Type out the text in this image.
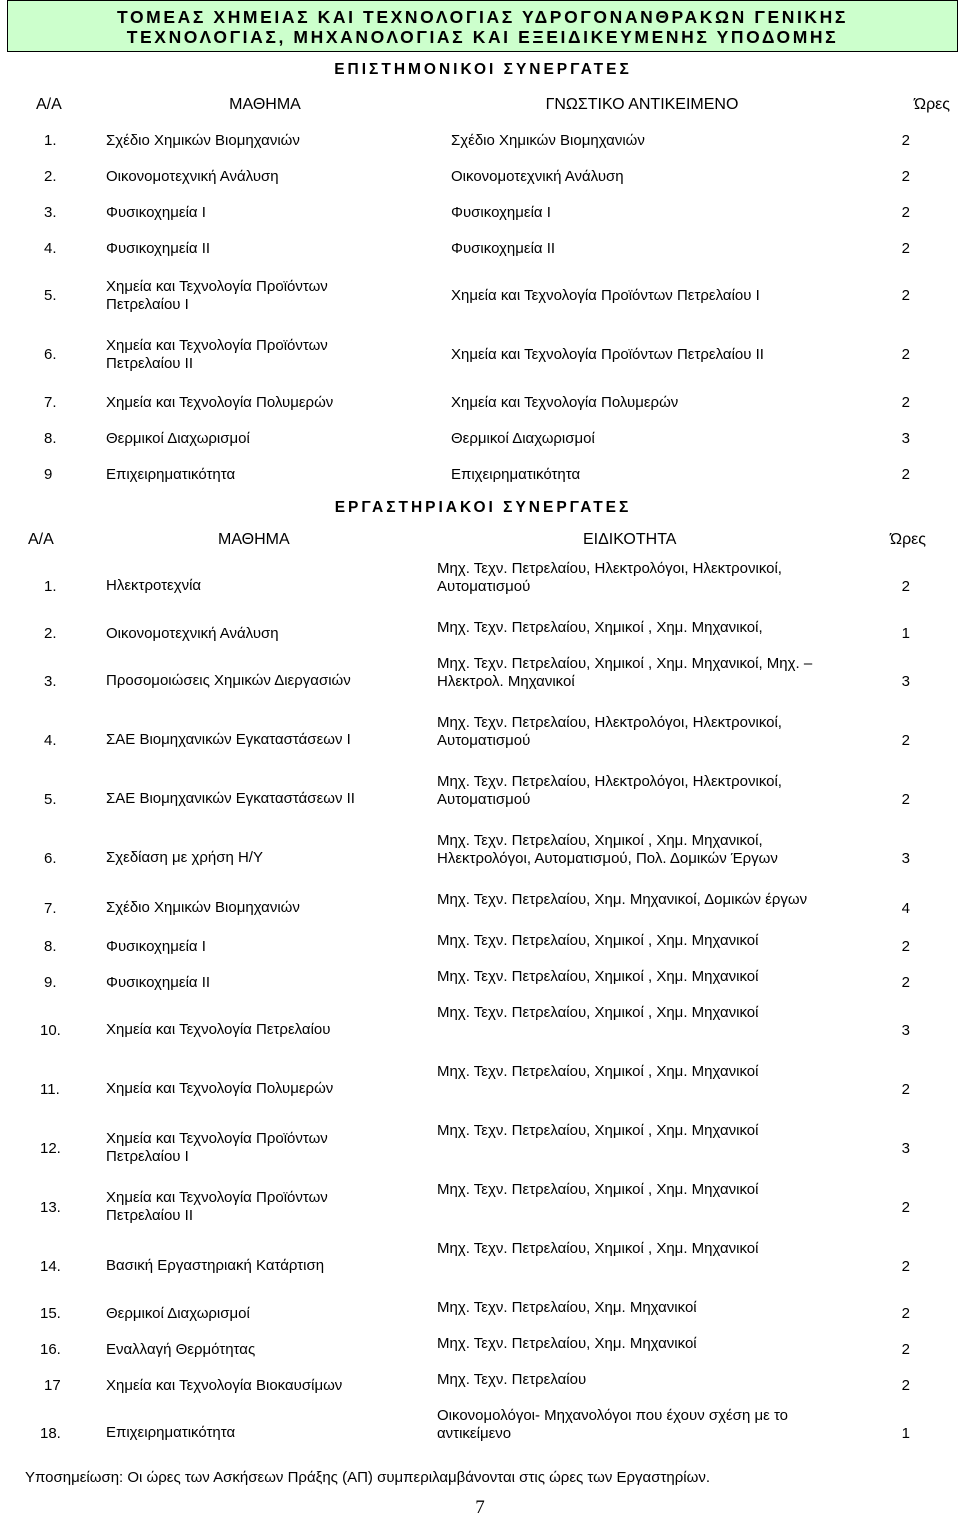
ΤΟΜΕΑΣ ΧΗΜΕΙΑΣ ΚΑΙ ΤΕΧΝΟΛΟΓΙΑΣ ΥΔΡΟΓΟΝΑΝΘΡΑΚΩΝ ΓΕΝΙΚΗΣ
ΤΕΧΝΟΛΟΓΙΑΣ, ΜΗΧΑΝΟΛΟΓΙΑΣ ΚΑΙ ΕΞΕΙΔΙΚΕΥΜΕΝΗΣ ΥΠΟΔΟΜΗΣ
ΕΠΙΣΤΗΜΟΝΙΚΟΙ ΣΥΝΕΡΓΑΤΕΣ			
Α/Α	ΜΑΘΗΜΑ	ΓΝΩΣΤΙΚΟ ΑΝΤΙΚΕΙΜΕΝΟ	Ώρες
1.	Σχέδιο Χημικών Βιομηχανιών	Σχέδιο Χημικών Βιομηχανιών	2
2.	Οικονομοτεχνική Ανάλυση	Οικονομοτεχνική Ανάλυση	2
3.	Φυσικοχημεία Ι	Φυσικοχημεία Ι	2
4.	Φυσικοχημεία ΙΙ	Φυσικοχημεία ΙΙ	2
5.	Χημεία και Τεχνολογία Προϊόντων
Πετρελαίου Ι	Χημεία και Τεχνολογία Προϊόντων Πετρελαίου Ι	2
6.	Χημεία και Τεχνολογία Προϊόντων
Πετρελαίου ΙΙ	Χημεία και Τεχνολογία Προϊόντων Πετρελαίου ΙΙ	2
7.	Χημεία και Τεχνολογία Πολυμερών	Χημεία και Τεχνολογία Πολυμερών	2
8.	Θερμικοί Διαχωρισμοί	Θερμικοί Διαχωρισμοί	3
9	Επιχειρηματικότητα	Επιχειρηματικότητα	2
ΕΡΓΑΣΤΗΡΙΑΚΟΙ ΣΥΝΕΡΓΑΤΕΣ			
Α/Α	ΜΑΘΗΜΑ	ΕΙΔΙΚΟΤΗΤΑ	Ώρες
1.	Ηλεκτροτεχνία	Μηχ. Τεχν. Πετρελαίου, Ηλεκτρολόγοι, Ηλεκτρονικοί,
Αυτοματισμού	2
2.	Οικονομοτεχνική Ανάλυση	Μηχ. Τεχν. Πετρελαίου, Χημικοί , Χημ. Μηχανικοί,	1
3.	Προσομοιώσεις Χημικών Διεργασιών	Μηχ. Τεχν. Πετρελαίου, Χημικοί , Χημ. Μηχανικοί, Μηχ. –
Ηλεκτρολ. Μηχανικοί	3
4.	ΣΑΕ Βιομηχανικών Εγκαταστάσεων Ι	Μηχ. Τεχν. Πετρελαίου, Ηλεκτρολόγοι, Ηλεκτρονικοί,
Αυτοματισμού	2
5.	ΣΑΕ Βιομηχανικών Εγκαταστάσεων ΙΙ	Μηχ. Τεχν. Πετρελαίου, Ηλεκτρολόγοι, Ηλεκτρονικοί,
Αυτοματισμού	2
6.	Σχεδίαση με χρήση Η/Υ	Μηχ. Τεχν. Πετρελαίου, Χημικοί , Χημ. Μηχανικοί,
Ηλεκτρολόγοι, Αυτοματισμού, Πολ. Δομικών Έργων	3
7.	Σχέδιο Χημικών Βιομηχανιών	Μηχ. Τεχν. Πετρελαίου, Χημ. Μηχανικοί, Δομικών έργων	4
8.	Φυσικοχημεία Ι	Μηχ. Τεχν. Πετρελαίου, Χημικοί , Χημ. Μηχανικοί	2
9.	Φυσικοχημεία ΙΙ	Μηχ. Τεχν. Πετρελαίου, Χημικοί , Χημ. Μηχανικοί	2
10.	Χημεία και Τεχνολογία Πετρελαίου	Μηχ. Τεχν. Πετρελαίου, Χημικοί , Χημ. Μηχανικοί	3
11.	Χημεία και Τεχνολογία Πολυμερών	Μηχ. Τεχν. Πετρελαίου, Χημικοί , Χημ. Μηχανικοί	2
12.	Χημεία και Τεχνολογία Προϊόντων
Πετρελαίου Ι	Μηχ. Τεχν. Πετρελαίου, Χημικοί , Χημ. Μηχανικοί	3
13.	Χημεία και Τεχνολογία Προϊόντων
Πετρελαίου ΙΙ	Μηχ. Τεχν. Πετρελαίου, Χημικοί , Χημ. Μηχανικοί	2
14.	Βασική Εργαστηριακή Κατάρτιση	Μηχ. Τεχν. Πετρελαίου, Χημικοί , Χημ. Μηχανικοί	2
15.	Θερμικοί Διαχωρισμοί	Μηχ. Τεχν. Πετρελαίου, Χημ. Μηχανικοί	2
16.	Εναλλαγή Θερμότητας	Μηχ. Τεχν. Πετρελαίου, Χημ. Μηχανικοί	2
17	Χημεία και Τεχνολογία Βιοκαυσίμων	Μηχ. Τεχν. Πετρελαίου	2
18.	Επιχειρηματικότητα	Οικονομολόγοι- Μηχανολόγοι που έχουν σχέση με το
αντικείμενο	1
Υποσημείωση: Οι ώρες των Ασκήσεων Πράξης (ΑΠ) συμπεριλαμβάνονται στις ώρες των Εργαστηρίων.
7
